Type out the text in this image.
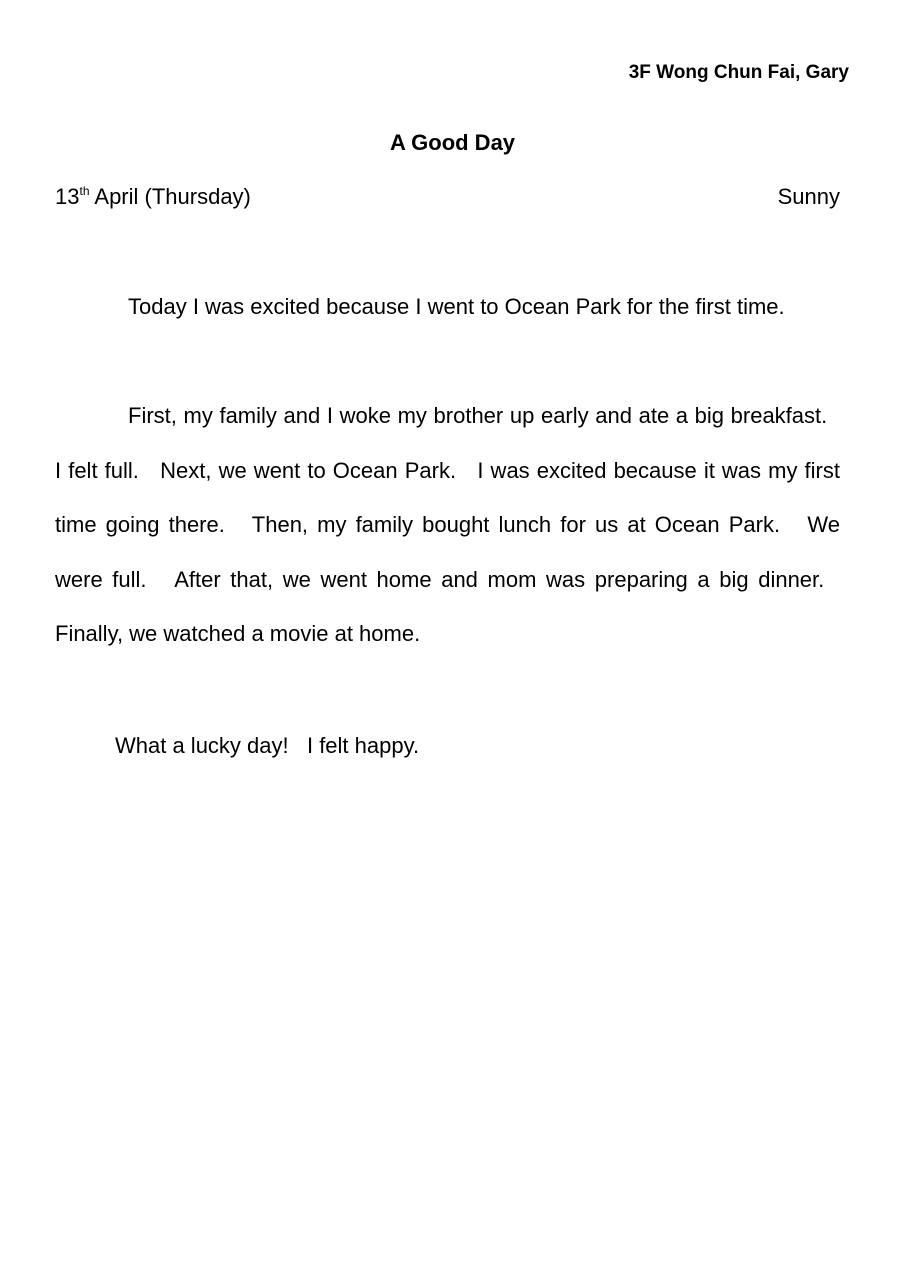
3F Wong Chun Fai, Gary
A Good Day
13th April (Thursday)	Sunny
Today I was excited because I went to Ocean Park for the first time.
First, my family and I woke my brother up early and ate a big breakfast.   I felt full.   Next, we went to Ocean Park.   I was excited because it was my first time going there.   Then, my family bought lunch for us at Ocean Park.   We were full.   After that, we went home and mom was preparing a big dinner.   Finally, we watched a movie at home.
What a lucky day!   I felt happy.
